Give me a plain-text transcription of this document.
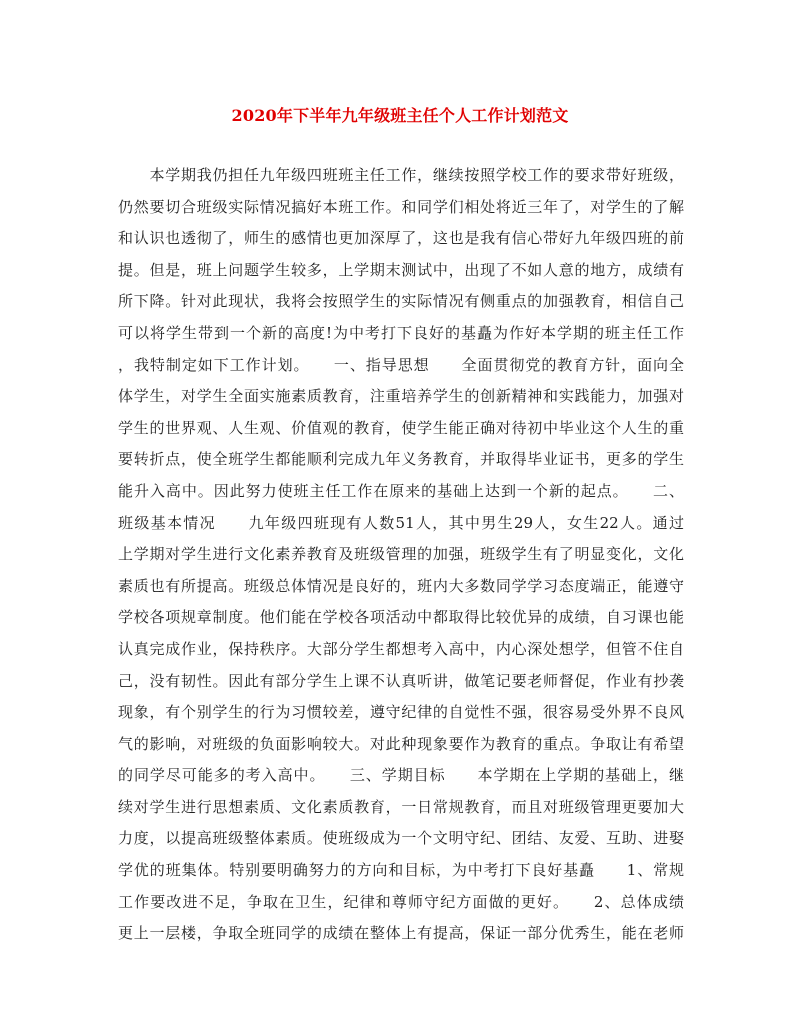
2020年下半年九年级班主任个人工作计划范文
　　本学期我仍担任九年级四班班主任工作，继续按照学校工作的要求带好班级，
仍然要切合班级实际情况搞好本班工作。和同学们相处将近三年了，对学生的了解
和认识也透彻了，师生的感情也更加深厚了，这也是我有信心带好九年级四班的前
提。但是，班上问题学生较多，上学期末测试中，出现了不如人意的地方，成绩有
所下降。针对此现状，我将会按照学生的实际情况有侧重点的加强教育，相信自己
可以将学生带到一个新的高度!为中考打下良好的基矗为作好本学期的班主任工作
，我特制定如下工作计划。　　一、指导思想　　全面贯彻党的教育方针，面向全
体学生，对学生全面实施素质教育，注重培养学生的创新精神和实践能力，加强对
学生的世界观、人生观、价值观的教育，使学生能正确对待初中毕业这个人生的重
要转折点，使全班学生都能顺利完成九年义务教育，并取得毕业证书，更多的学生
能升入高中。因此努力使班主任工作在原来的基础上达到一个新的起点。　　二、
班级基本情况　　九年级四班现有人数51人，其中男生29人，女生22人。通过
上学期对学生进行文化素养教育及班级管理的加强，班级学生有了明显变化，文化
素质也有所提高。班级总体情况是良好的，班内大多数同学学习态度端正，能遵守
学校各项规章制度。他们能在学校各项活动中都取得比较优异的成绩，自习课也能
认真完成作业，保持秩序。大部分学生都想考入高中，内心深处想学，但管不住自
己，没有韧性。因此有部分学生上课不认真听讲，做笔记要老师督促，作业有抄袭
现象，有个别学生的行为习惯较差，遵守纪律的自觉性不强，很容易受外界不良风
气的影响，对班级的负面影响较大。对此种现象要作为教育的重点。争取让有希望
的同学尽可能多的考入高中。　　三、学期目标　　本学期在上学期的基础上，继
续对学生进行思想素质、文化素质教育，一日常规教育，而且对班级管理更要加大
力度，以提高班级整体素质。使班级成为一个文明守纪、团结、友爱、互助、进娶
学优的班集体。特别要明确努力的方向和目标，为中考打下良好基矗　　1、常规
工作要改进不足，争取在卫生，纪律和尊师守纪方面做的更好。　　2、总体成绩
更上一层楼，争取全班同学的成绩在整体上有提高，保证一部分优秀生，能在老师
